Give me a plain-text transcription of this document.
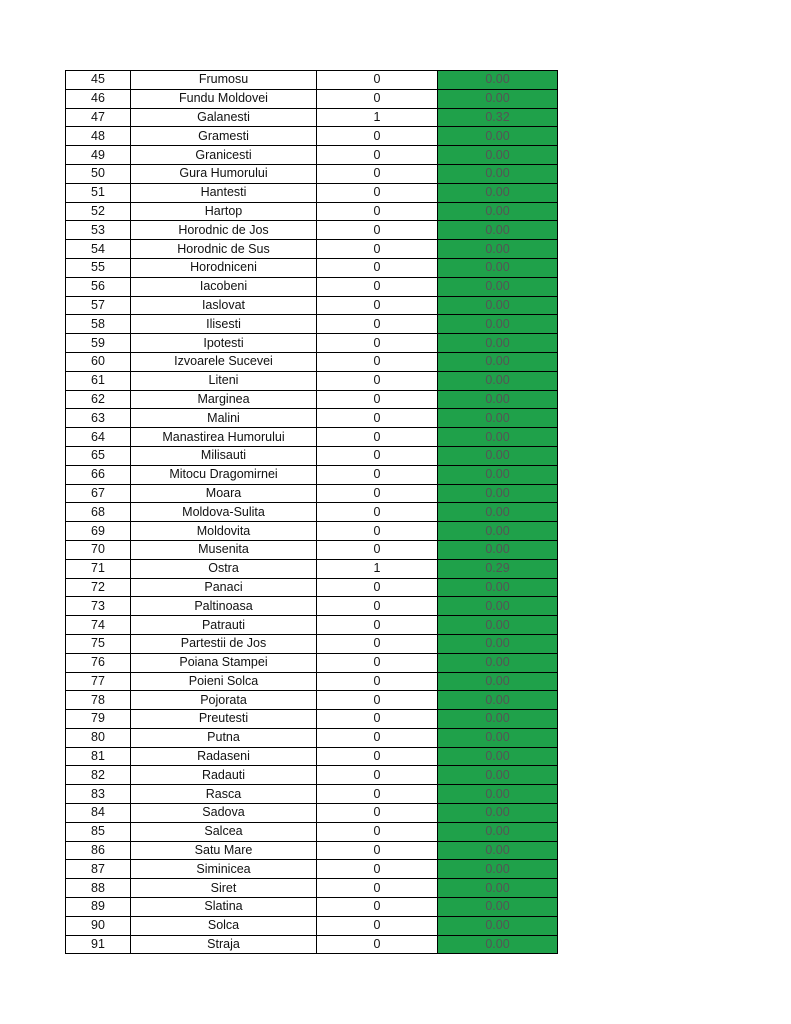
45	Frumosu	0	0.00
46	Fundu Moldovei	0	0.00
47	Galanesti	1	0.32
48	Gramesti	0	0.00
49	Granicesti	0	0.00
50	Gura Humorului	0	0.00
51	Hantesti	0	0.00
52	Hartop	0	0.00
53	Horodnic de Jos	0	0.00
54	Horodnic de Sus	0	0.00
55	Horodniceni	0	0.00
56	Iacobeni	0	0.00
57	Iaslovat	0	0.00
58	Ilisesti	0	0.00
59	Ipotesti	0	0.00
60	Izvoarele Sucevei	0	0.00
61	Liteni	0	0.00
62	Marginea	0	0.00
63	Malini	0	0.00
64	Manastirea Humorului	0	0.00
65	Milisauti	0	0.00
66	Mitocu Dragomirnei	0	0.00
67	Moara	0	0.00
68	Moldova-Sulita	0	0.00
69	Moldovita	0	0.00
70	Musenita	0	0.00
71	Ostra	1	0.29
72	Panaci	0	0.00
73	Paltinoasa	0	0.00
74	Patrauti	0	0.00
75	Partestii de Jos	0	0.00
76	Poiana Stampei	0	0.00
77	Poieni Solca	0	0.00
78	Pojorata	0	0.00
79	Preutesti	0	0.00
80	Putna	0	0.00
81	Radaseni	0	0.00
82	Radauti	0	0.00
83	Rasca	0	0.00
84	Sadova	0	0.00
85	Salcea	0	0.00
86	Satu Mare	0	0.00
87	Siminicea	0	0.00
88	Siret	0	0.00
89	Slatina	0	0.00
90	Solca	0	0.00
91	Straja	0	0.00
